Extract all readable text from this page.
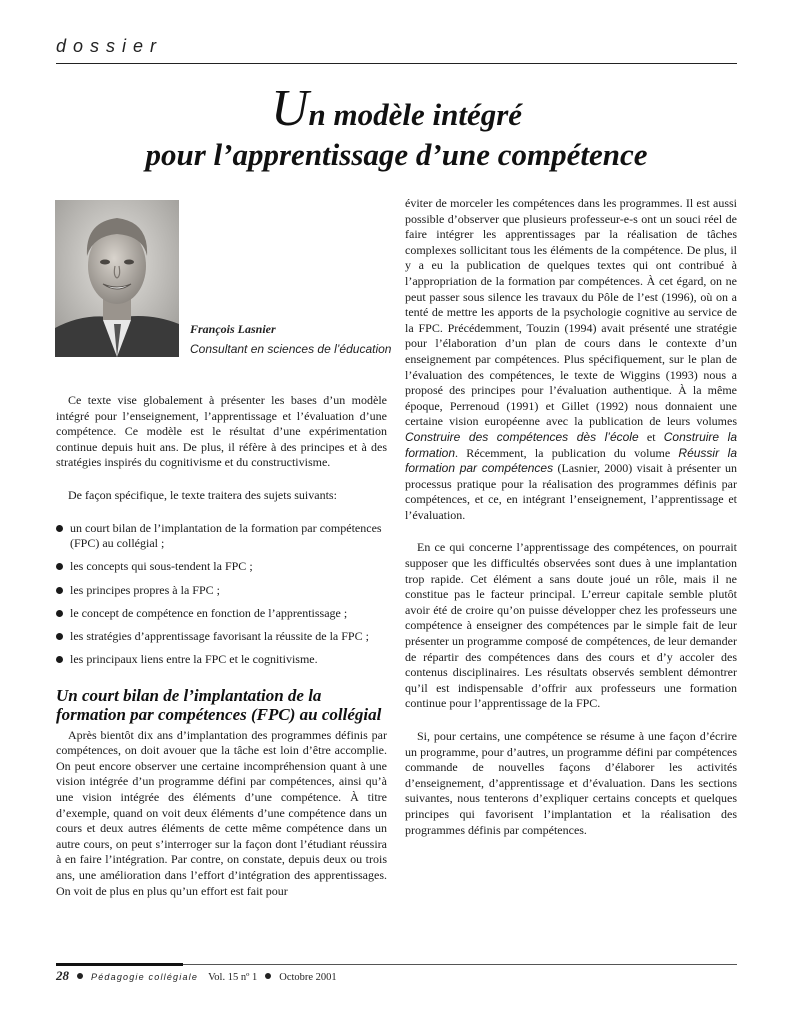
dossier
Un modèle intégré
pour l’apprentissage d’une compétence
François Lasnier
Consultant en sciences de l’éducation

Ce texte vise globalement à présenter les bases d’un modèle intégré pour l’enseignement, l’apprentissage et l’évaluation d’une compétence. Ce modèle est le résultat d’une expérimentation continue depuis huit ans. De plus, il réfère à des principes et à des stratégies inspirés du cognitivisme et du constructivisme.

De façon spécifique, le texte traitera des sujets suivants:

un court bilan de l’implantation de la formation par compétences (FPC) au collégial ;
les concepts qui sous-tendent la FPC ;
les principes propres à la FPC ;
le concept de compétence en fonction de l’apprentissage ;
les stratégies d’apprentissage favorisant la réussite de la FPC ;
les principaux liens entre la FPC et le cognitivisme.
Un court bilan de l’implantation de la formation par compétences (FPC) au collégial

Après bientôt dix ans d’implantation des programmes définis par compétences, on doit avouer que la tâche est loin d’être accomplie. On peut encore observer une certaine incompréhension quant à une vision intégrée d’un programme défini par compétences, ainsi qu’à une vision intégrée des éléments d’une compétence. À titre d’exemple, quand on voit deux éléments d’une compétence dans un cours et deux autres éléments de cette même compétence dans un autre cours, on peut s’interroger sur la façon dont l’étudiant réussira à en faire l’intégration. Par contre, on constate, depuis deux ou trois ans, une amélioration dans l’effort d’intégration des apprentissages. On voit de plus en plus qu’un effort est fait pour

éviter de morceler les compétences dans les programmes. Il est aussi possible d’observer que plusieurs professeur-e-s ont un souci réel de faire intégrer les apprentissages par la réalisation de tâches complexes sollicitant tous les éléments de la compétence. De plus, il y a eu la publication de quelques textes qui ont contribué à l’appropriation de la formation par compétences. À cet égard, on ne peut passer sous silence les travaux du Pôle de l’est (1996), où on a tenté de mettre les apports de la psychologie cognitive au service de la FPC. Précédemment, Touzin (1994) avait présenté une stratégie pour l’élaboration d’un plan de cours dans le contexte d’un enseignement par compétences. Plus spécifiquement, sur le plan de l’évaluation des compétences, le texte de Wiggins (1993) nous a proposé des principes pour l’évaluation authentique. À la même époque, Perrenoud (1991) et Gillet (1992) nous donnaient une certaine vision européenne avec la publication de leurs volumes Construire des compétences dès l’école et Construire la formation. Récemment, la publication du volume Réussir la formation par compétences (Lasnier, 2000) visait à présenter un processus pratique pour la réalisation des programmes définis par compétences, et ce, en intégrant l’enseignement, l’apprentissage et l’évaluation.

En ce qui concerne l’apprentissage des compétences, on pourrait supposer que les difficultés observées sont dues à une implantation trop rapide. Cet élément a sans doute joué un rôle, mais il ne constitue pas le facteur principal. L’erreur capitale semble plutôt avoir été de croire qu’on puisse développer chez les professeurs une compétence à enseigner des compétences par le simple fait de leur présenter un programme composé de compétences, de leur demander de répartir des compétences dans des cours et d’y accoler des contenus disciplinaires. Les résultats observés semblent démontrer qu’il est indispensable d’offrir aux professeurs une formation continue pour l’apprentissage de la FPC.

Si, pour certains, une compétence se résume à une façon d’écrire un programme, pour d’autres, un programme défini par compétences commande de nouvelles façons d’élaborer les activités d’enseignement, d’apprentissage et d’évaluation. Dans les sections suivantes, nous tenterons d’expliquer certains concepts et quelques principes qui favorisent l’implantation et la réalisation des programmes définis par compétences.

28 Pédagogie collégiale Vol. 15 nº 1 Octobre 2001
